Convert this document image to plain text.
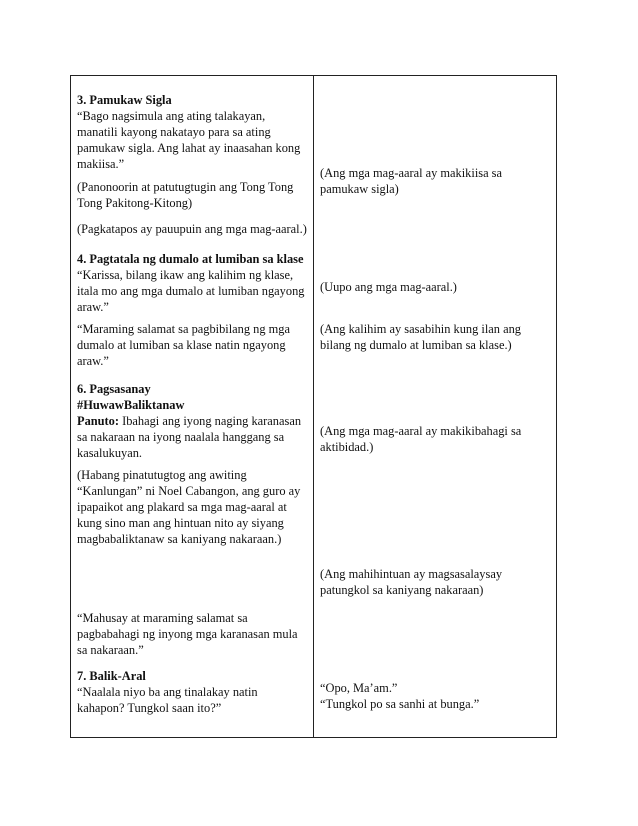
3. Pamukaw Sigla

“Bago nagsimula ang ating talakayan,
manatili kayong nakatayo para sa ating
pamukaw sigla. Ang lahat ay inaasahan kong
makiisa.”

(Panonoorin at patutugtugin ang Tong Tong
Tong Pakitong-Kitong)

(Pagkatapos ay pauupuin ang mga mag-aaral.)

4. Pagtatala ng dumalo at lumiban sa klase

“Karissa, bilang ikaw ang kalihim ng klase,
itala mo ang mga dumalo at lumiban ngayong
araw.”

“Maraming salamat sa pagbibilang ng mga
dumalo at lumiban sa klase natin ngayong
araw.”

6. Pagsasanay

#HuwawBaliktanaw

Panuto: Ibahagi ang iyong naging karanasan
sa nakaraan na iyong naalala hanggang sa
kasalukuyan.

(Habang pinatutugtog ang awiting
“Kanlungan” ni Noel Cabangon, ang guro ay
ipapaikot ang plakard sa mga mag-aaral at
kung sino man ang hintuan nito ay siyang
magbabaliktanaw sa kaniyang nakaraan.)

“Mahusay at maraming salamat sa
pagbabahagi ng inyong mga karanasan mula
sa nakaraan.”

7. Balik-Aral

“Naalala niyo ba ang tinalakay natin
kahapon? Tungkol saan ito?”

(Ang mga mag-aaral ay makikiisa sa
pamukaw sigla)

(Uupo ang mga mag-aaral.)

(Ang kalihim ay sasabihin kung ilan ang
bilang ng dumalo at lumiban sa klase.)

(Ang mga mag-aaral ay makikibahagi sa
aktibidad.)

(Ang mahihintuan ay magsasalaysay
patungkol sa kaniyang nakaraan)

“Opo, Ma’am.”
“Tungkol po sa sanhi at bunga.”
